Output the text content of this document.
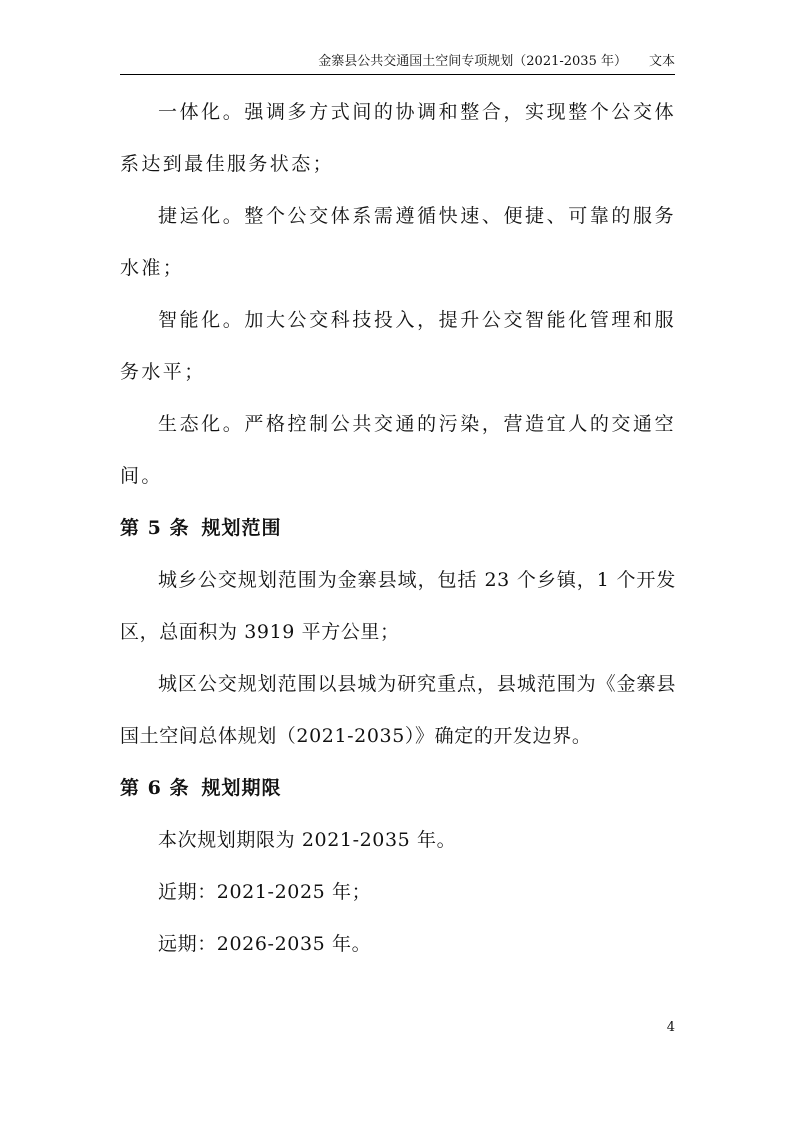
金寨县公共交通国土空间专项规划（2021-2035 年） 文本

一体化。强调多方式间的协调和整合，实现整个公交体系达到最佳服务状态；

捷运化。整个公交体系需遵循快速、便捷、可靠的服务水准；

智能化。加大公交科技投入，提升公交智能化管理和服务水平；

生态化。严格控制公共交通的污染，营造宜人的交通空间。

第 5 条 规划范围

城乡公交规划范围为金寨县域，包括 23 个乡镇，1 个开发区，总面积为 3919 平方公里；

城区公交规划范围以县城为研究重点，县城范围为《金寨县国土空间总体规划（2021-2035）》确定的开发边界。

第 6 条 规划期限

本次规划期限为 2021-2035 年。

近期：2021-2025 年；

远期：2026-2035 年。

4
